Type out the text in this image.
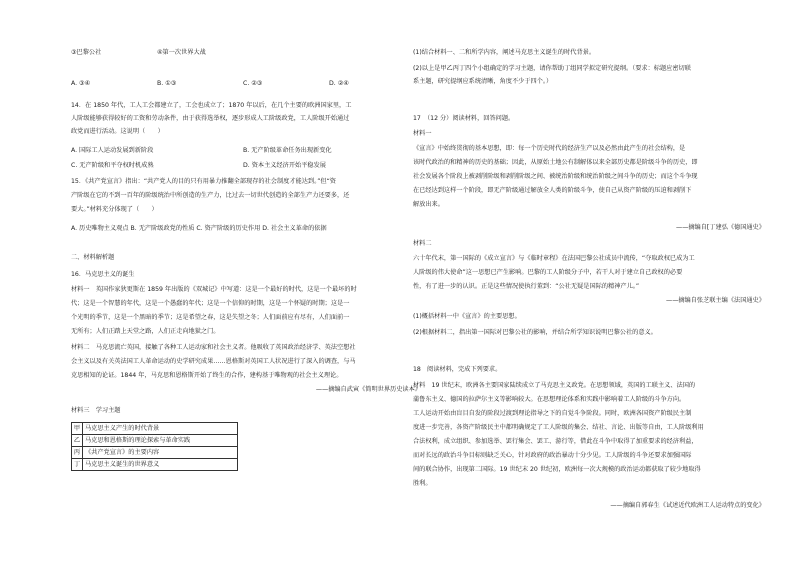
③巴黎公社	④第一次世界大战
A. ③④	B. ①③	C. ②③	D. ②④
14．在 1850 年代，工人工会都建立了，工会也成立了；1870 年以后，在几个主要的欧洲国家里，工
人阶级能够获得较好的工资和劳动条件，由于获得选举权，逐步形成人工阶级政党，工人阶级开始通过
政党而进行活动。这说明（　　）
A. 国际工人运动发展到新阶段	B. 无产阶级革命任务出现新变化
C. 无产阶级和平夺权时机成熟	D. 资本主义经济开始平稳发展
15．《共产党宣言》指出：“共产党人的目的只有用暴力推翻全部现存的社会制度才能达到。”但“资
产阶级在它的不到一百年的阶级统治中所创造的生产力，比过去一切世代创造的全部生产力还要多，还
要大。”材料充分体现了（　　）
A. 历史唯物主义观点 B. 无产阶级政党的性质 C. 资产阶级的历史作用 D. 社会主义革命的依据
二、材料解析题
16．马克思主义的诞生
材料一　英国作家狄更斯在 1859 年出版的《双城记》中写道：这是一个最好的时代，这是一个最坏的时
代；这是一个智慧的年代，这是一个愚蠢的年代；这是一个信仰的时期，这是一个怀疑的时期；这是一
个光明的季节，这是一个黑暗的季节；这是希望之春，这是失望之冬；人们面前应有尽有，人们面前一
无所有；人们正踏上天堂之路，人们正走向地狱之门。
材料二　马克思流亡英国，接触了各种工人运动家和社会主义者。他吸收了英国政治经济学、英法空想社
会主义以及有关英法国工人革命运动的史学研究成果……恩格斯对英国工人状况进行了深入的调查，与马
克思相知的论证。1844 年，马克思和恩格斯开始了终生的合作，建构基于唯物观的社会主义理论。
——摘编自武寅《简明世界历史读本》
材料三　学习主题
甲	马克思主义产生的时代背景
乙	马克思和恩格斯的理论探索与革命实践
丙	《共产党宣言》的主要内容
丁	马克思主义诞生的世界意义
(1)结合材料一、二和所学内容，阐述马克思主义诞生的时代背景。
(2)以上是甲乙丙丁四个小组确定的学习主题，请你帮助丁组同学拟定研究提纲。（要求：标题应密切联
系主题，研究提纲应系统清晰，角度不少于四个。）
17　（12 分）阅读材料，回答问题。
材料一
《宣言》中始终贯彻的基本思想，即：每一个历史时代的经济生产以及必然由此产生的社会结构，是
该时代政治的和精神的历史的基础；因此，从原始土地公有制解体以来全部历史都是阶级斗争的历史，即
社会发展各个阶段上被剥削阶级和剥削阶级之间、被统治阶级和统治阶级之间斗争的历史；而这个斗争现
在已经达到这样一个阶段，即无产阶级通过解放全人类的阶级斗争，使自己从资产阶级的压迫和剥削下
解放出来。
——摘编自[丁建弘《德国通史》
材料二
六十年代末，第一国际的《成立宣言》与《临时章程》在法国巴黎公社成员中流传，“夺取政权已成为工
人阶级的伟大使命”这一思想已产生影响。巴黎的工人阶级分子中，若干人对于建立自己政权的必要
性，有了进一步的认识。正是这些情况使执行董到：“公社无疑是国际的精神产儿。”
——摘编自张芝联主编《法国通史》
(1)概括材料一中《宣言》的主要思想。
(2)根据材料二，指出第一国际对巴黎公社的影响，并结合所学知识说明巴黎公社的意义。
18　阅读材料，完成下列要求。
材料　19 世纪末，欧洲各主要国家陆续成立了马克思主义政党。在思想领域，英国的工联主义、法国的
蒲鲁东主义、德国的拉萨尔主义等影响较大。在思想理论体系和实践中影响着工人阶级的斗争方向。
工人运动开始由盲目自发的阶段过渡到理论指导之下的自觉斗争阶段。同时，欧洲各国资产阶级民主制
度进一步完善，各资产阶级民主中都明确规定了工人阶级的集会、结社、言论、出版等自由，工人阶级利用
合法权利，成立组织、参加选举、罢行集会、罢工、游行等，借此在斗争中取得了加重要求的经济利益，
而对长远的政治斗争目标则缺乏关心，针对政府的政治暴动十分少见。工人阶级的斗争还要求加强国际
间的联合协作，出现第二国际。19 世纪末 20 世纪初，欧洲每一次大规模的政治运动都获取了较少地取得
胜利。
——摘编自郭春生《试述近代欧洲工人运动特点的变化》
